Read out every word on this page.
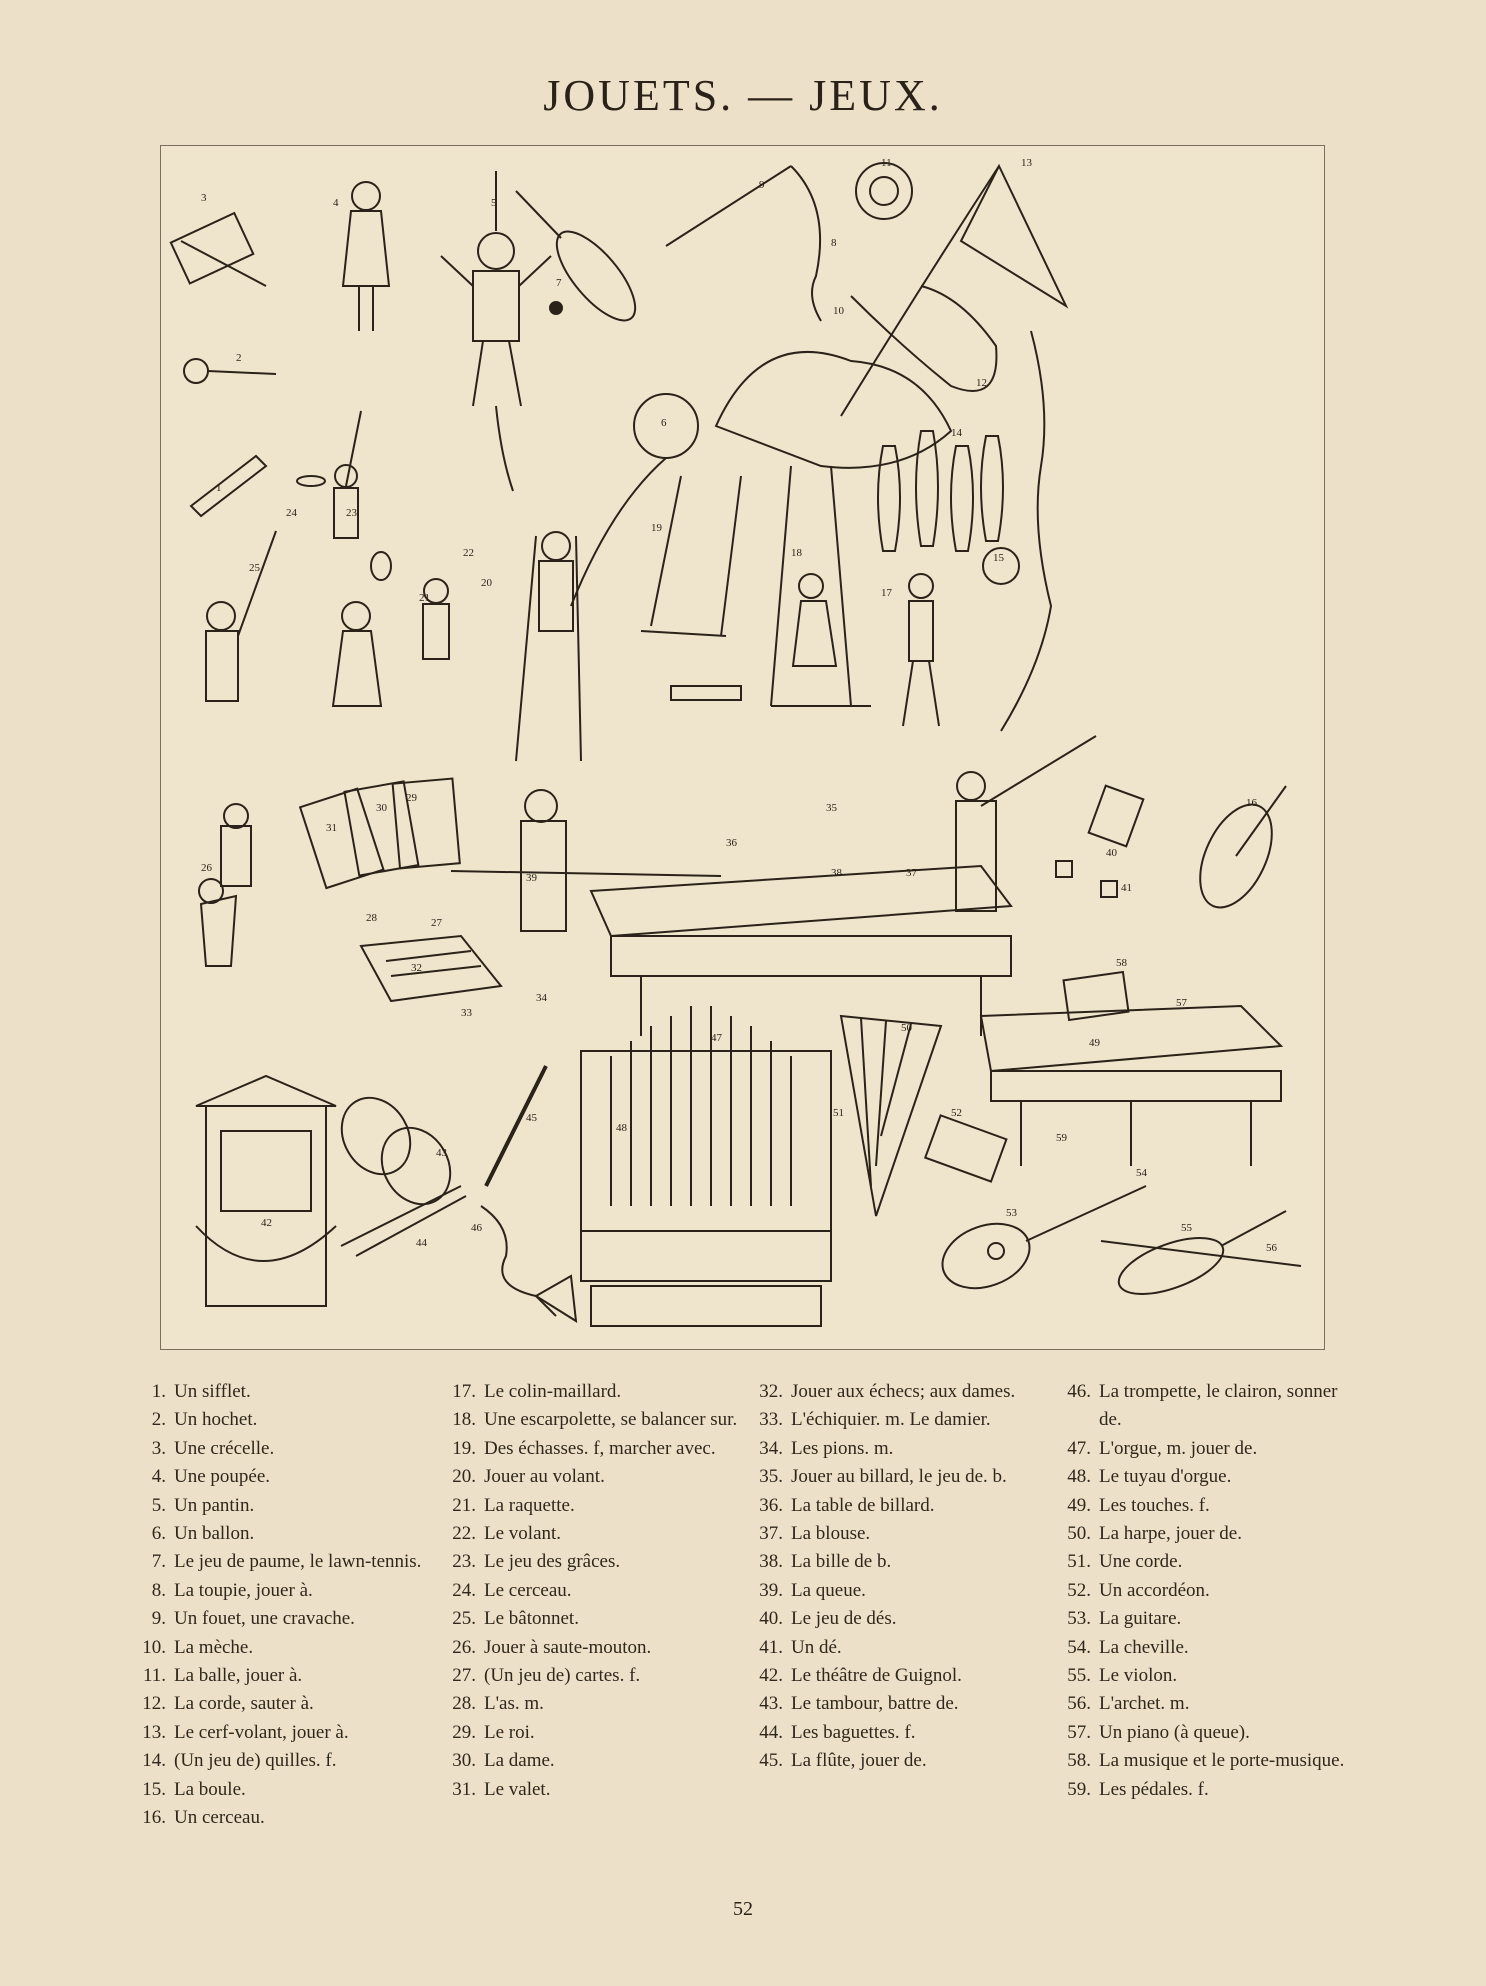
JOUETS. — JEUX.
1
2
3	4	5
6
7
8
9
10
11
12
13
14
15
16
17
18
19
20
21
22
23
24
25
26
27
28
29
30
31
32
33
34
35
36
37
38
39
40
41
42
43
44
45
46
47
48
49
50
51	52
53
54
55
56
57
58
59
1. Un sifflet.
2. Un hochet.
3. Une crécelle.
4. Une poupée.
5. Un pantin.
6. Un ballon.
7. Le jeu de paume, le lawn-tennis.
8. La toupie, jouer à.
9. Un fouet, une cravache.
10. La mèche.
11. La balle, jouer à.
12. La corde, sauter à.
13. Le cerf-volant, jouer à.
14. (Un jeu de) quilles. f.
15. La boule.
16. Un cerceau.
17. Le colin-maillard.
18. Une escarpolette, se balancer sur.
19. Des échasses. f, marcher avec.
20. Jouer au volant.
21. La raquette.
22. Le volant.
23. Le jeu des grâces.
24. Le cerceau.
25. Le bâtonnet.
26. Jouer à saute-mouton.
27. (Un jeu de) cartes. f.
28. L'as. m.
29. Le roi.
30. La dame.
31. Le valet.
32. Jouer aux échecs; aux dames.
33. L'échiquier. m. Le damier.
34. Les pions. m.
35. Jouer au billard, le jeu de. b.
36. La table de billard.
37. La blouse.
38. La bille de b.
39. La queue.
40. Le jeu de dés.
41. Un dé.
42. Le théâtre de Guignol.
43. Le tambour, battre de.
44. Les baguettes. f.
45. La flûte, jouer de.
46. La trompette, le clairon, sonner de.
47. L'orgue, m. jouer de.
48. Le tuyau d'orgue.
49. Les touches. f.
50. La harpe, jouer de.
51. Une corde.
52. Un accordéon.
53. La guitare.
54. La cheville.
55. Le violon.
56. L'archet. m.
57. Un piano (à queue).
58. La musique et le porte-musique.
59. Les pédales. f.
52
